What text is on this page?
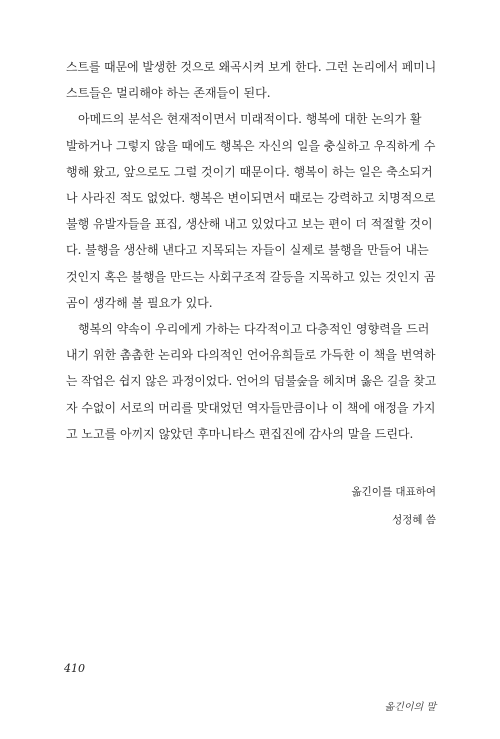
스트를 때문에 발생한 것으로 왜곡시켜 보게 한다. 그런 논리에서 페미니
스트들은 멀리해야 하는 존재들이 된다.
아메드의 분석은 현재적이면서 미래적이다. 행복에 대한 논의가 활
발하거나 그렇지 않을 때에도 행복은 자신의 일을 충실하고 우직하게 수
행해 왔고, 앞으로도 그럴 것이기 때문이다. 행복이 하는 일은 축소되거
나 사라진 적도 없었다. 행복은 변이되면서 때로는 강력하고 치명적으로
불행 유발자들을 표집, 생산해 내고 있었다고 보는 편이 더 적절할 것이
다. 불행을 생산해 낸다고 지목되는 자들이 실제로 불행을 만들어 내는
것인지 혹은 불행을 만드는 사회구조적 갈등을 지목하고 있는 것인지 곰
곰이 생각해 볼 필요가 있다.
행복의 약속이 우리에게 가하는 다각적이고 다층적인 영향력을 드러
내기 위한 촘촘한 논리와 다의적인 언어유희들로 가득한 이 책을 번역하
는 작업은 쉽지 않은 과정이었다. 언어의 덤불숲을 헤치며 옳은 길을 찾고
자 수없이 서로의 머리를 맞대었던 역자들만큼이나 이 책에 애정을 가지
고 노고를 아끼지 않았던 후마니타스 편집진에 감사의 말을 드린다.
옮긴이를 대표하여
성정혜 씀
410
옮긴이의 말
